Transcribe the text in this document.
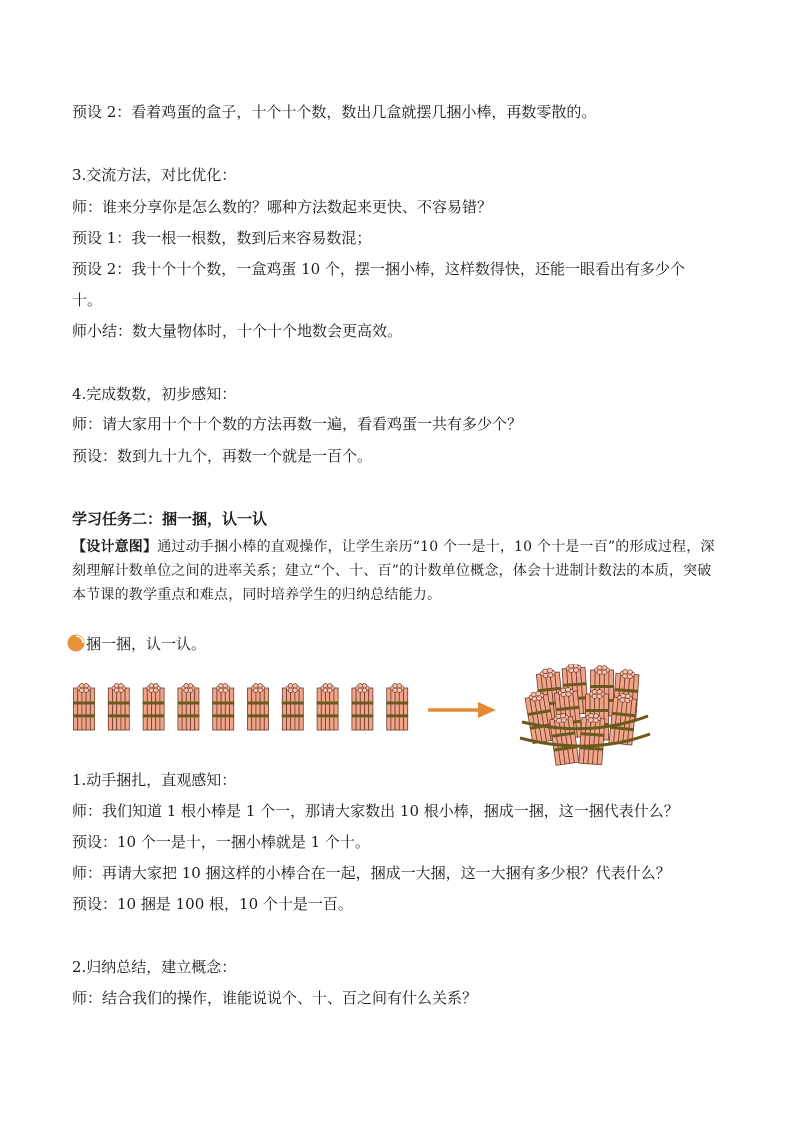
预设 2：看着鸡蛋的盒子，十个十个数，数出几盒就摆几捆小棒，再数零散的。
3.交流方法，对比优化：
师：谁来分享你是怎么数的？哪种方法数起来更快、不容易错？
预设 1：我一根一根数，数到后来容易数混；
预设 2：我十个十个数，一盒鸡蛋 10 个，摆一捆小棒，这样数得快，还能一眼看出有多少个
十。
师小结：数大量物体时，十个十个地数会更高效。
4.完成数数，初步感知：
师：请大家用十个十个数的方法再数一遍，看看鸡蛋一共有多少个？
预设：数到九十九个，再数一个就是一百个。
学习任务二：捆一捆，认一认
【设计意图】通过动手捆小棒的直观操作，让学生亲历“10 个一是十，10 个十是一百”的形成过程，深刻理解计数单位之间的进率关系；建立“个、十、百”的计数单位概念，体会十进制计数法的本质，突破本节课的教学重点和难点，同时培养学生的归纳总结能力。
捆一捆，认一认。
1.动手捆扎，直观感知：
师：我们知道 1 根小棒是 1 个一，那请大家数出 10 根小棒，捆成一捆，这一捆代表什么？
预设：10 个一是十，一捆小棒就是 1 个十。
师：再请大家把 10 捆这样的小棒合在一起，捆成一大捆，这一大捆有多少根？代表什么？
预设：10 捆是 100 根，10 个十是一百。
2.归纳总结，建立概念：
师：结合我们的操作，谁能说说个、十、百之间有什么关系？
